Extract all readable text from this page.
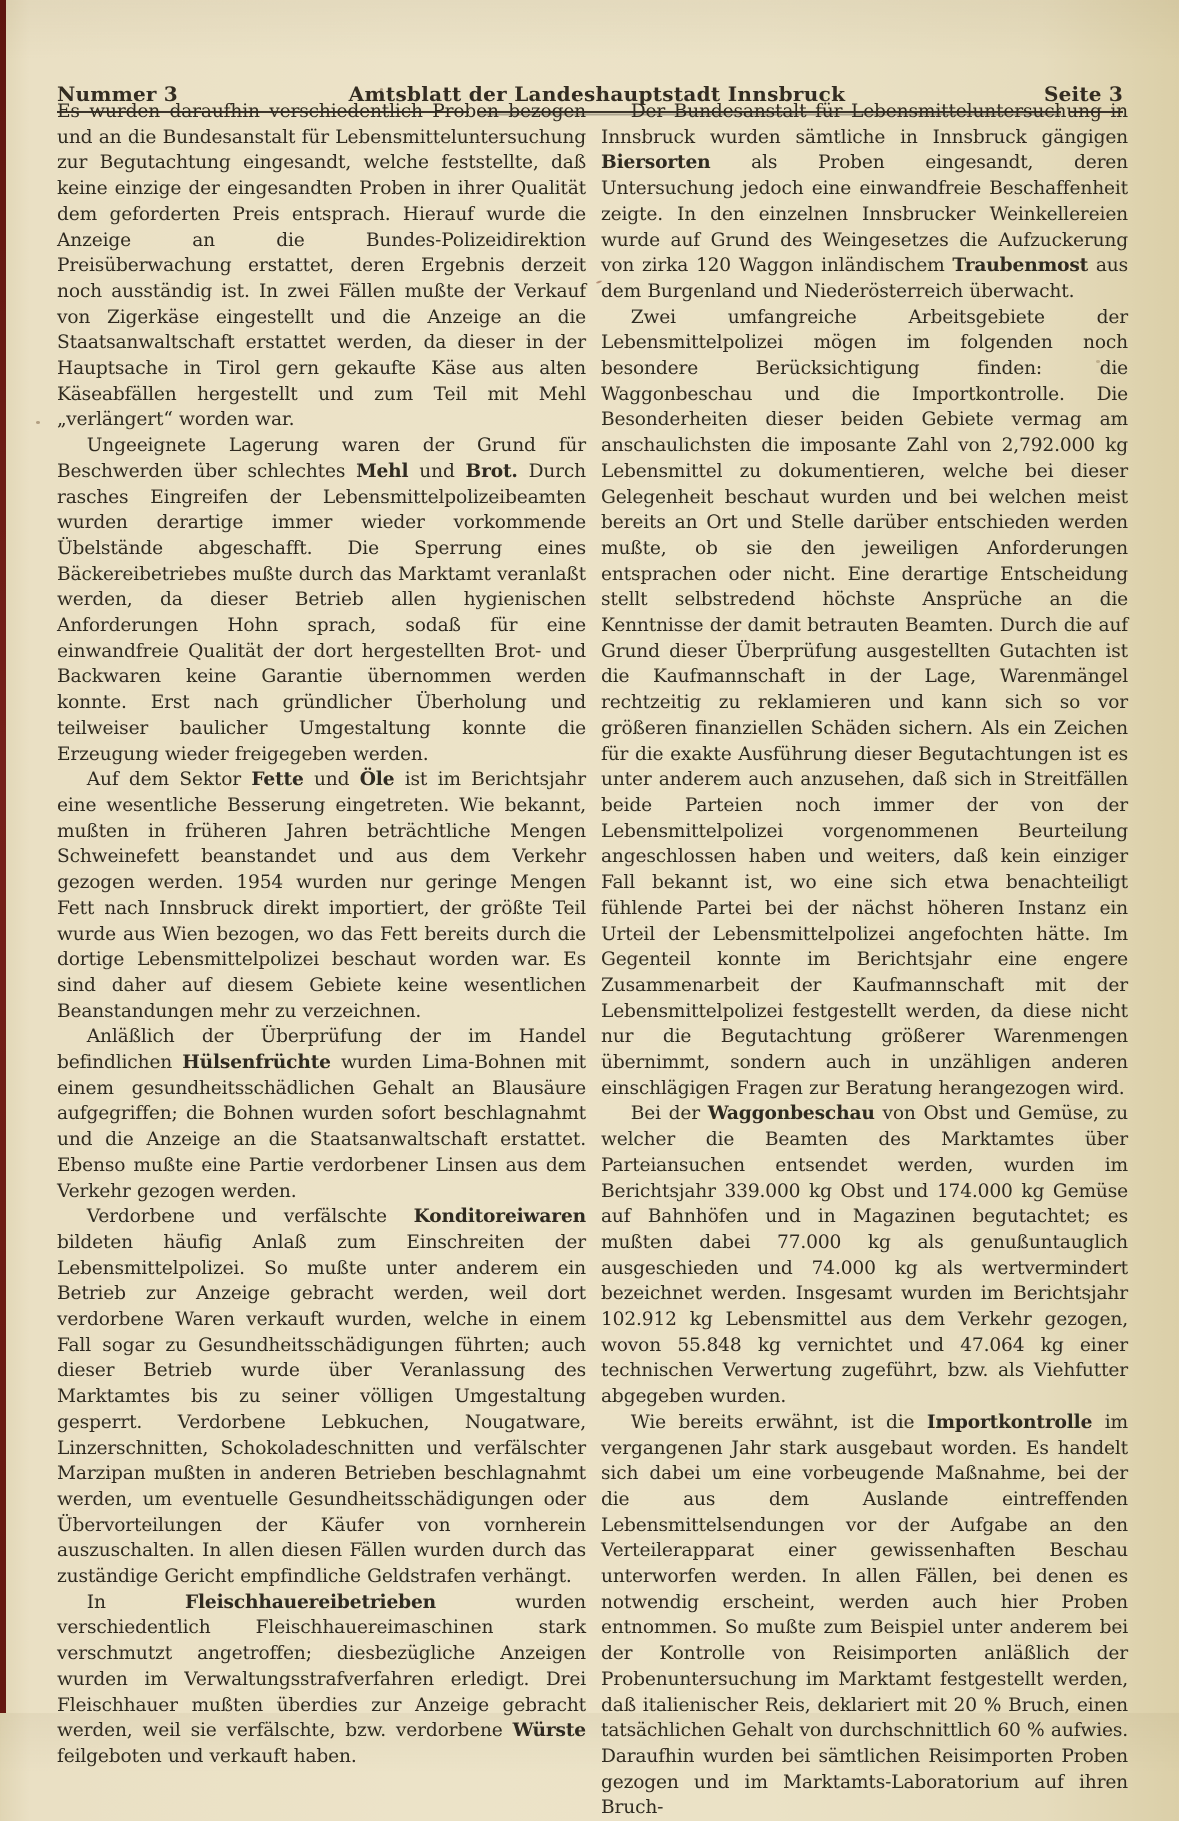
Nummer 3	Amtsblatt der Landeshauptstadt Innsbruck	Seite 3

Es wurden daraufhin verschiedentlich Proben bezogen und an die Bundesanstalt für Lebensmitteluntersuchung zur Begutachtung eingesandt, welche feststellte, daß keine einzige der eingesandten Proben in ihrer Qualität dem geforderten Preis entsprach. Hierauf wurde die Anzeige an die Bundes-Polizeidirektion Preisüberwachung erstattet, deren Ergebnis derzeit noch ausständig ist. In zwei Fällen mußte der Verkauf von Zigerkäse eingestellt und die Anzeige an die Staatsanwaltschaft erstattet werden, da dieser in der Hauptsache in Tirol gern gekaufte Käse aus alten Käseabfällen hergestellt und zum Teil mit Mehl „verlängert“ worden war.

Ungeeignete Lagerung waren der Grund für Beschwerden über schlechtes Mehl und Brot. Durch rasches Eingreifen der Lebensmittelpolizeibeamten wurden derartige immer wieder vorkommende Übelstände abgeschafft. Die Sperrung eines Bäckereibetriebes mußte durch das Marktamt veranlaßt werden, da dieser Betrieb allen hygienischen Anforderungen Hohn sprach, sodaß für eine einwandfreie Qualität der dort hergestellten Brot- und Backwaren keine Garantie übernommen werden konnte. Erst nach gründlicher Überholung und teilweiser baulicher Umgestaltung konnte die Erzeugung wieder freigegeben werden.

Auf dem Sektor Fette und Öle ist im Berichtsjahr eine wesentliche Besserung eingetreten. Wie bekannt, mußten in früheren Jahren beträchtliche Mengen Schweinefett beanstandet und aus dem Verkehr gezogen werden. 1954 wurden nur geringe Mengen Fett nach Innsbruck direkt importiert, der größte Teil wurde aus Wien bezogen, wo das Fett bereits durch die dortige Lebensmittelpolizei beschaut worden war. Es sind daher auf diesem Gebiete keine wesentlichen Beanstandungen mehr zu verzeichnen.

Anläßlich der Überprüfung der im Handel befindlichen Hülsenfrüchte wurden Lima-Bohnen mit einem gesundheitsschädlichen Gehalt an Blausäure aufgegriffen; die Bohnen wurden sofort beschlagnahmt und die Anzeige an die Staatsanwaltschaft erstattet. Ebenso mußte eine Partie verdorbener Linsen aus dem Verkehr gezogen werden.

Verdorbene und verfälschte Konditoreiwaren bildeten häufig Anlaß zum Einschreiten der Lebensmittelpolizei. So mußte unter anderem ein Betrieb zur Anzeige gebracht werden, weil dort verdorbene Waren verkauft wurden, welche in einem Fall sogar zu Gesundheitsschädigungen führten; auch dieser Betrieb wurde über Veranlassung des Marktamtes bis zu seiner völligen Umgestaltung gesperrt. Verdorbene Lebkuchen, Nougatware, Linzerschnitten, Schokoladeschnitten und verfälschter Marzipan mußten in anderen Betrieben beschlagnahmt werden, um eventuelle Gesundheitsschädigungen oder Übervorteilungen der Käufer von vornherein auszuschalten. In allen diesen Fällen wurden durch das zuständige Gericht empfindliche Geldstrafen verhängt.

In Fleischhauereibetrieben wurden verschiedentlich Fleischhauereimaschinen stark verschmutzt angetroffen; diesbezügliche Anzeigen wurden im Verwaltungsstrafverfahren erledigt. Drei Fleischhauer mußten überdies zur Anzeige gebracht werden, weil sie verfälschte, bzw. verdorbene Würste feilgeboten und verkauft haben.

Der Bundesanstalt für Lebensmitteluntersuchung in Innsbruck wurden sämtliche in Innsbruck gängigen Biersorten als Proben eingesandt, deren Untersuchung jedoch eine einwandfreie Beschaffenheit zeigte. In den einzelnen Innsbrucker Weinkellereien wurde auf Grund des Weingesetzes die Aufzuckerung von zirka 120 Waggon inländischem Traubenmost aus dem Burgenland und Niederösterreich überwacht.

Zwei umfangreiche Arbeitsgebiete der Lebensmittelpolizei mögen im folgenden noch besondere Berücksichtigung finden: die Waggonbeschau und die Importkontrolle. Die Besonderheiten dieser beiden Gebiete vermag am anschaulichsten die imposante Zahl von 2,792.000 kg Lebensmittel zu dokumentieren, welche bei dieser Gelegenheit beschaut wurden und bei welchen meist bereits an Ort und Stelle darüber entschieden werden mußte, ob sie den jeweiligen Anforderungen entsprachen oder nicht. Eine derartige Entscheidung stellt selbstredend höchste Ansprüche an die Kenntnisse der damit betrauten Beamten. Durch die auf Grund dieser Überprüfung ausgestellten Gutachten ist die Kaufmannschaft in der Lage, Warenmängel rechtzeitig zu reklamieren und kann sich so vor größeren finanziellen Schäden sichern. Als ein Zeichen für die exakte Ausführung dieser Begutachtungen ist es unter anderem auch anzusehen, daß sich in Streitfällen beide Parteien noch immer der von der Lebensmittelpolizei vorgenommenen Beurteilung angeschlossen haben und weiters, daß kein einziger Fall bekannt ist, wo eine sich etwa benachteiligt fühlende Partei bei der nächst höheren Instanz ein Urteil der Lebensmittelpolizei angefochten hätte. Im Gegenteil konnte im Berichtsjahr eine engere Zusammenarbeit der Kaufmannschaft mit der Lebensmittelpolizei festgestellt werden, da diese nicht nur die Begutachtung größerer Warenmengen übernimmt, sondern auch in unzähligen anderen einschlägigen Fragen zur Beratung herangezogen wird.

Bei der Waggonbeschau von Obst und Gemüse, zu welcher die Beamten des Marktamtes über Parteiansuchen entsendet werden, wurden im Berichtsjahr 339.000 kg Obst und 174.000 kg Gemüse auf Bahnhöfen und in Magazinen begutachtet; es mußten dabei 77.000 kg als genußuntauglich ausgeschieden und 74.000 kg als wertvermindert bezeichnet werden. Insgesamt wurden im Berichtsjahr 102.912 kg Lebensmittel aus dem Verkehr gezogen, wovon 55.848 kg vernichtet und 47.064 kg einer technischen Verwertung zugeführt, bzw. als Viehfutter abgegeben wurden.

Wie bereits erwähnt, ist die Importkontrolle im vergangenen Jahr stark ausgebaut worden. Es handelt sich dabei um eine vorbeugende Maßnahme, bei der die aus dem Auslande eintreffenden Lebensmittelsendungen vor der Aufgabe an den Verteilerapparat einer gewissenhaften Beschau unterworfen werden. In allen Fällen, bei denen es notwendig erscheint, werden auch hier Proben entnommen. So mußte zum Beispiel unter anderem bei der Kontrolle von Reisimporten anläßlich der Probenuntersuchung im Marktamt festgestellt werden, daß italienischer Reis, deklariert mit 20 % Bruch, einen tatsächlichen Gehalt von durchschnittlich 60 % aufwies. Daraufhin wurden bei sämtlichen Reisimporten Proben gezogen und im Marktamts-Laboratorium auf ihren Bruch-
